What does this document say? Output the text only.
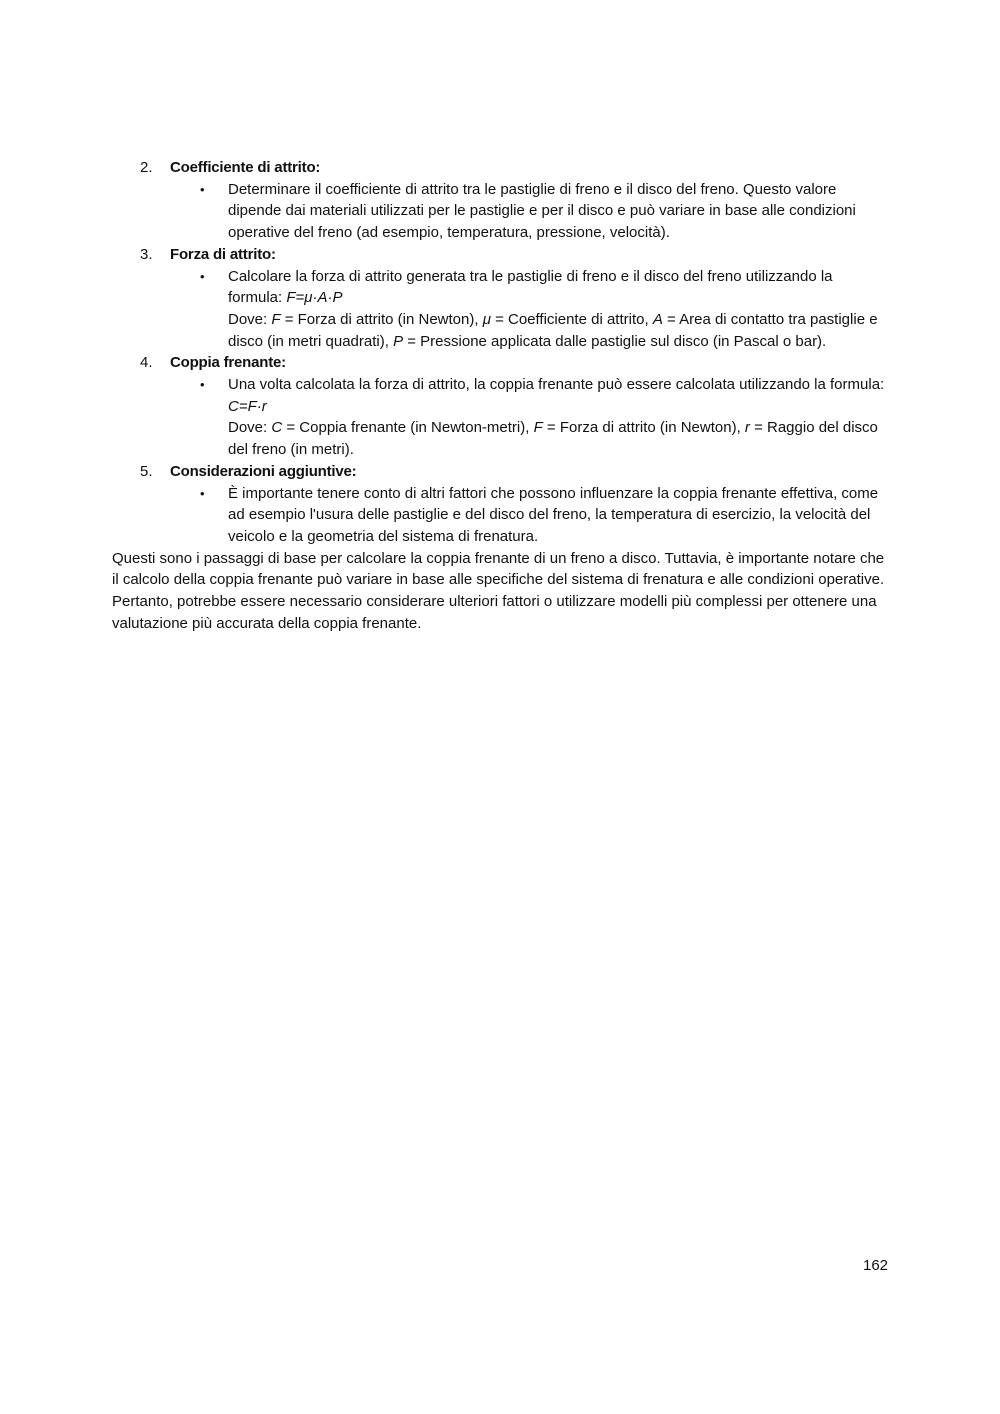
2.	Coefficiente di attrito:
• Determinare il coefficiente di attrito tra le pastiglie di freno e il disco del freno. Questo valore dipende dai materiali utilizzati per le pastiglie e per il disco e può variare in base alle condizioni operative del freno (ad esempio, temperatura, pressione, velocità).
3.	Forza di attrito:
• Calcolare la forza di attrito generata tra le pastiglie di freno e il disco del freno utilizzando la formula: F=μ·A·P
Dove: F = Forza di attrito (in Newton), μ = Coefficiente di attrito, A = Area di contatto tra pastiglie e disco (in metri quadrati), P = Pressione applicata dalle pastiglie sul disco (in Pascal o bar).
4.	Coppia frenante:
• Una volta calcolata la forza di attrito, la coppia frenante può essere calcolata utilizzando la formula: C=F·r
Dove: C = Coppia frenante (in Newton-metri), F = Forza di attrito (in Newton), r = Raggio del disco del freno (in metri).
5.	Considerazioni aggiuntive:
• È importante tenere conto di altri fattori che possono influenzare la coppia frenante effettiva, come ad esempio l'usura delle pastiglie e del disco del freno, la temperatura di esercizio, la velocità del veicolo e la geometria del sistema di frenatura.

Questi sono i passaggi di base per calcolare la coppia frenante di un freno a disco. Tuttavia, è importante notare che il calcolo della coppia frenante può variare in base alle specifiche del sistema di frenatura e alle condizioni operative. Pertanto, potrebbe essere necessario considerare ulteriori fattori o utilizzare modelli più complessi per ottenere una valutazione più accurata della coppia frenante.

162
